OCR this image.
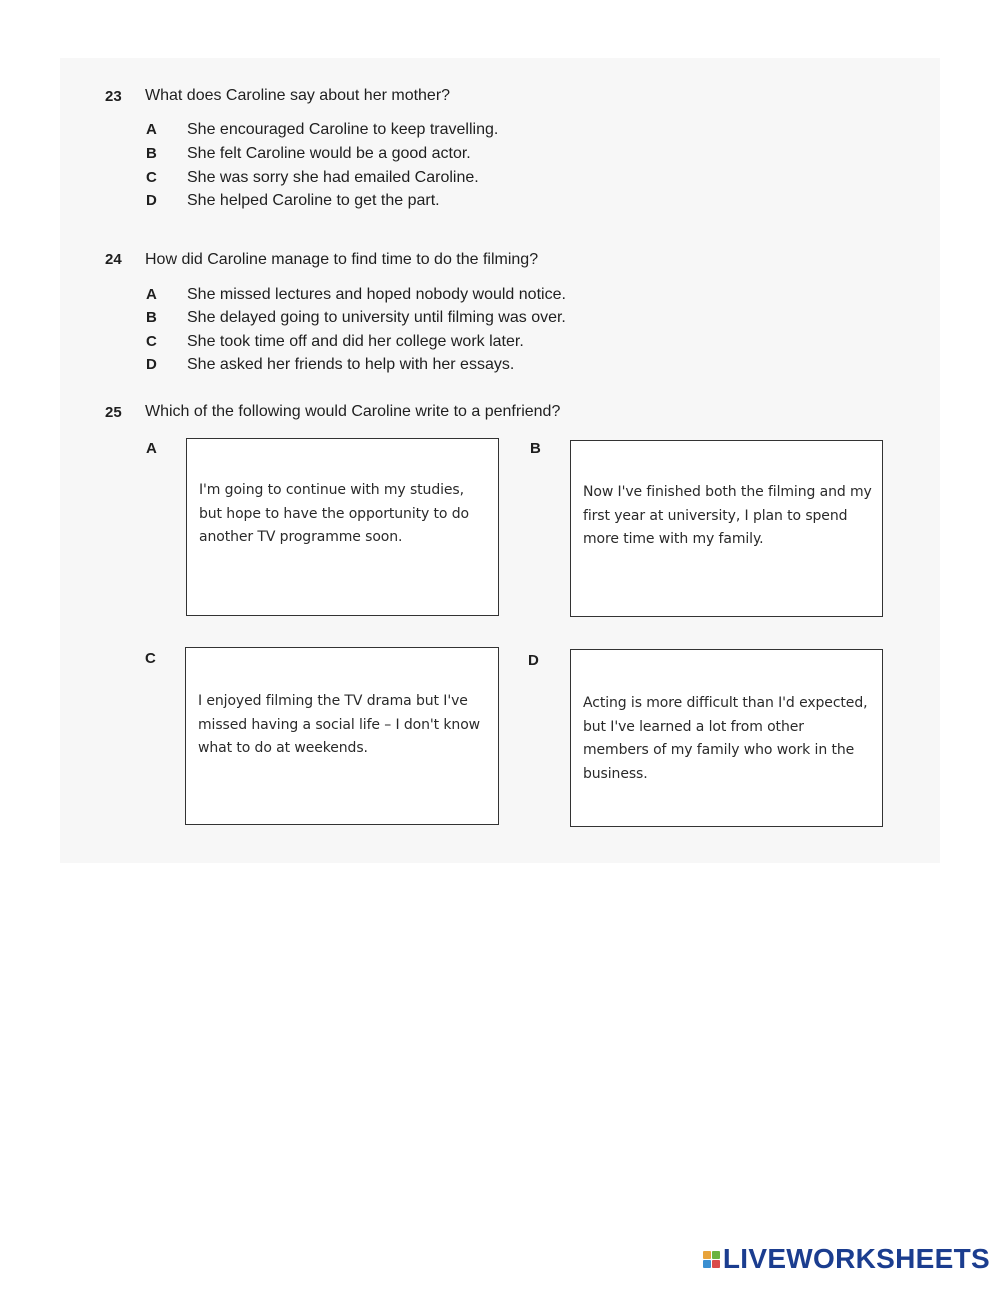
23 What does Caroline say about her mother?
A She encouraged Caroline to keep travelling.
B She felt Caroline would be a good actor.
C She was sorry she had emailed Caroline.
D She helped Caroline to get the part.
24 How did Caroline manage to find time to do the filming?
A She missed lectures and hoped nobody would notice.
B She delayed going to university until filming was over.
C She took time off and did her college work later.
D She asked her friends to help with her essays.
25 Which of the following would Caroline write to a penfriend?
A
I'm going to continue with my studies, but hope to have the opportunity to do another TV programme soon.
B
Now I've finished both the filming and my first year at university, I plan to spend more time with my family.
C
I enjoyed filming the TV drama but I've missed having a social life – I don't know what to do at weekends.
D
Acting is more difficult than I'd expected, but I've learned a lot from other members of my family who work in the business.
LIVEWORKSHEETS
